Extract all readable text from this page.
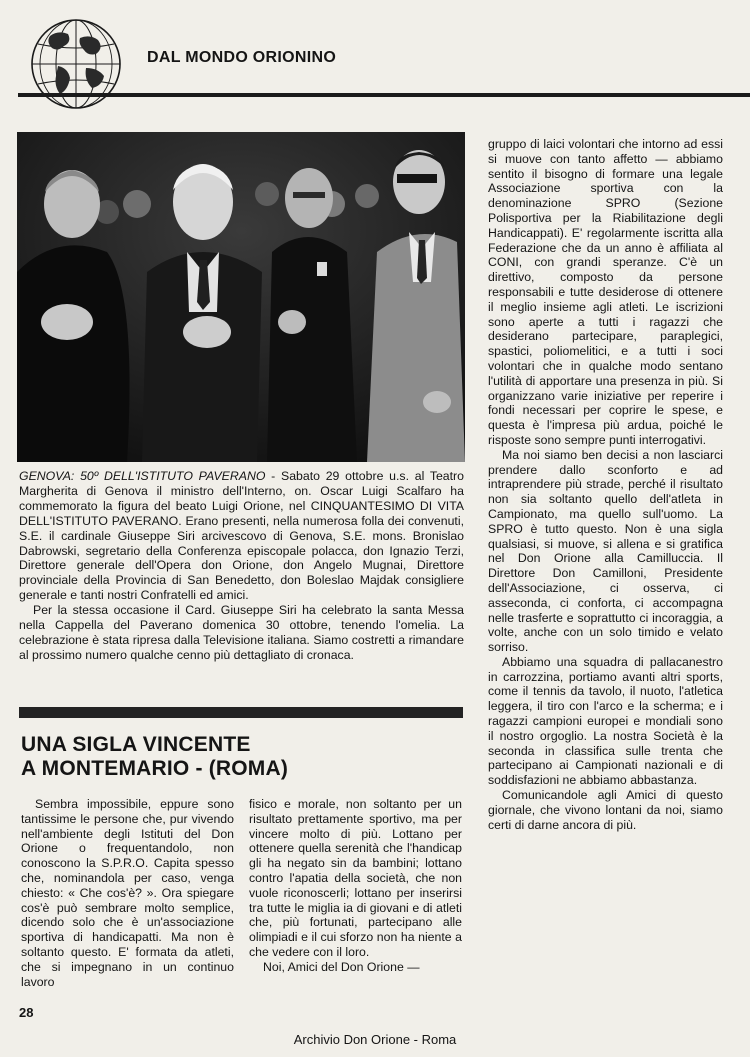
DAL MONDO ORIONINO

GENOVA: 50º DELL'ISTITUTO PAVERANO - Sabato 29 ottobre u.s. al Teatro Margherita di Genova il ministro dell'Interno, on. Oscar Luigi Scalfaro ha commemorato la figura del beato Luigi Orione, nel CINQUANTESIMO DI VITA DELL'ISTITUTO PAVERANO. Erano presenti, nella numerosa folla dei convenuti, S.E. il cardinale Giuseppe Siri arcivescovo di Genova, S.E. mons. Bronislao Dabrowski, segretario della Conferenza episcopale polacca, don Ignazio Terzi, Direttore generale dell'Opera don Orione, don Angelo Mugnai, Direttore provinciale della Provincia di San Benedetto, don Boleslao Majdak consigliere generale e tanti nostri Confratelli ed amici.

Per la stessa occasione il Card. Giuseppe Siri ha celebrato la santa Messa nella Cappella del Paverano domenica 30 ottobre, tenendo l'omelia. La celebrazione è stata ripresa dalla Televisione italiana. Siamo costretti a rimandare al prossimo numero qualche cenno più dettagliato di cronaca.

UNA SIGLA VINCENTE
A MONTEMARIO - (ROMA)

Sembra impossibile, eppure sono tantissime le persone che, pur vivendo nell'ambiente degli Istituti del Don Orione o frequentandolo, non conoscono la S.P.R.O. Capita spesso che, nominandola per caso, venga chiesto: « Che cos'è? ». Ora spiegare cos'è può sembrare molto semplice, dicendo solo che è un'associazione sportiva di handicapatti. Ma non è soltanto questo. E' formata da atleti, che si impegnano in un continuo lavoro

fisico e morale, non soltanto per un risultato prettamente sportivo, ma per vincere molto di più. Lottano per ottenere quella serenità che l'handicap gli ha negato sin da bambini; lottano contro l'apatia della società, che non vuole riconoscerli; lottano per inserirsi tra tutte le miglia ia di giovani e di atleti che, più fortunati, partecipano alle olimpiadi e il cui sforzo non ha niente a che vedere con il loro.

Noi, Amici del Don Orione —

gruppo di laici volontari che intorno ad essi si muove con tanto affetto — abbiamo sentito il bisogno di formare una legale Associazione sportiva con la denominazione SPRO (Sezione Polisportiva per la Riabilitazione degli Handicappati). E' regolarmente iscritta alla Federazione che da un anno è affiliata al CONI, con grandi speranze. C'è un direttivo, composto da persone responsabili e tutte desiderose di ottenere il meglio insieme agli atleti. Le iscrizioni sono aperte a tutti i ragazzi che desiderano partecipare, paraplegici, spastici, poliomelitici, e a tutti i soci volontari che in qualche modo sentano l'utilità di apportare una presenza in più. Si organizzano varie iniziative per reperire i fondi necessari per coprire le spese, e questa è l'impresa più ardua, poiché le risposte sono sempre punti interrogativi.

Ma noi siamo ben decisi a non lasciarci prendere dallo sconforto e ad intraprendere più strade, perché il risultato non sia soltanto quello dell'atleta in Campionato, ma quello sull'uomo. La SPRO è tutto questo. Non è una sigla qualsiasi, si muove, si allena e si gratifica nel Don Orione alla Camilluccia. Il Direttore Don Camilloni, Presidente dell'Associazione, ci osserva, ci asseconda, ci conforta, ci accompagna nelle trasferte e soprattutto ci incoraggia, a volte, anche con un solo timido e velato sorriso.

Abbiamo una squadra di pallacanestro in carrozzina, portiamo avanti altri sports, come il tennis da tavolo, il nuoto, l'atletica leggera, il tiro con l'arco e la scherma; e i ragazzi campioni europei e mondiali sono il nostro orgoglio. La nostra Società è la seconda in classifica sulle trenta che partecipano ai Campionati nazionali e di soddisfazioni ne abbiamo abbastanza.

Comunicandole agli Amici di questo giornale, che vivono lontani da noi, siamo certi di darne ancora di più.

28
Archivio Don Orione - Roma
